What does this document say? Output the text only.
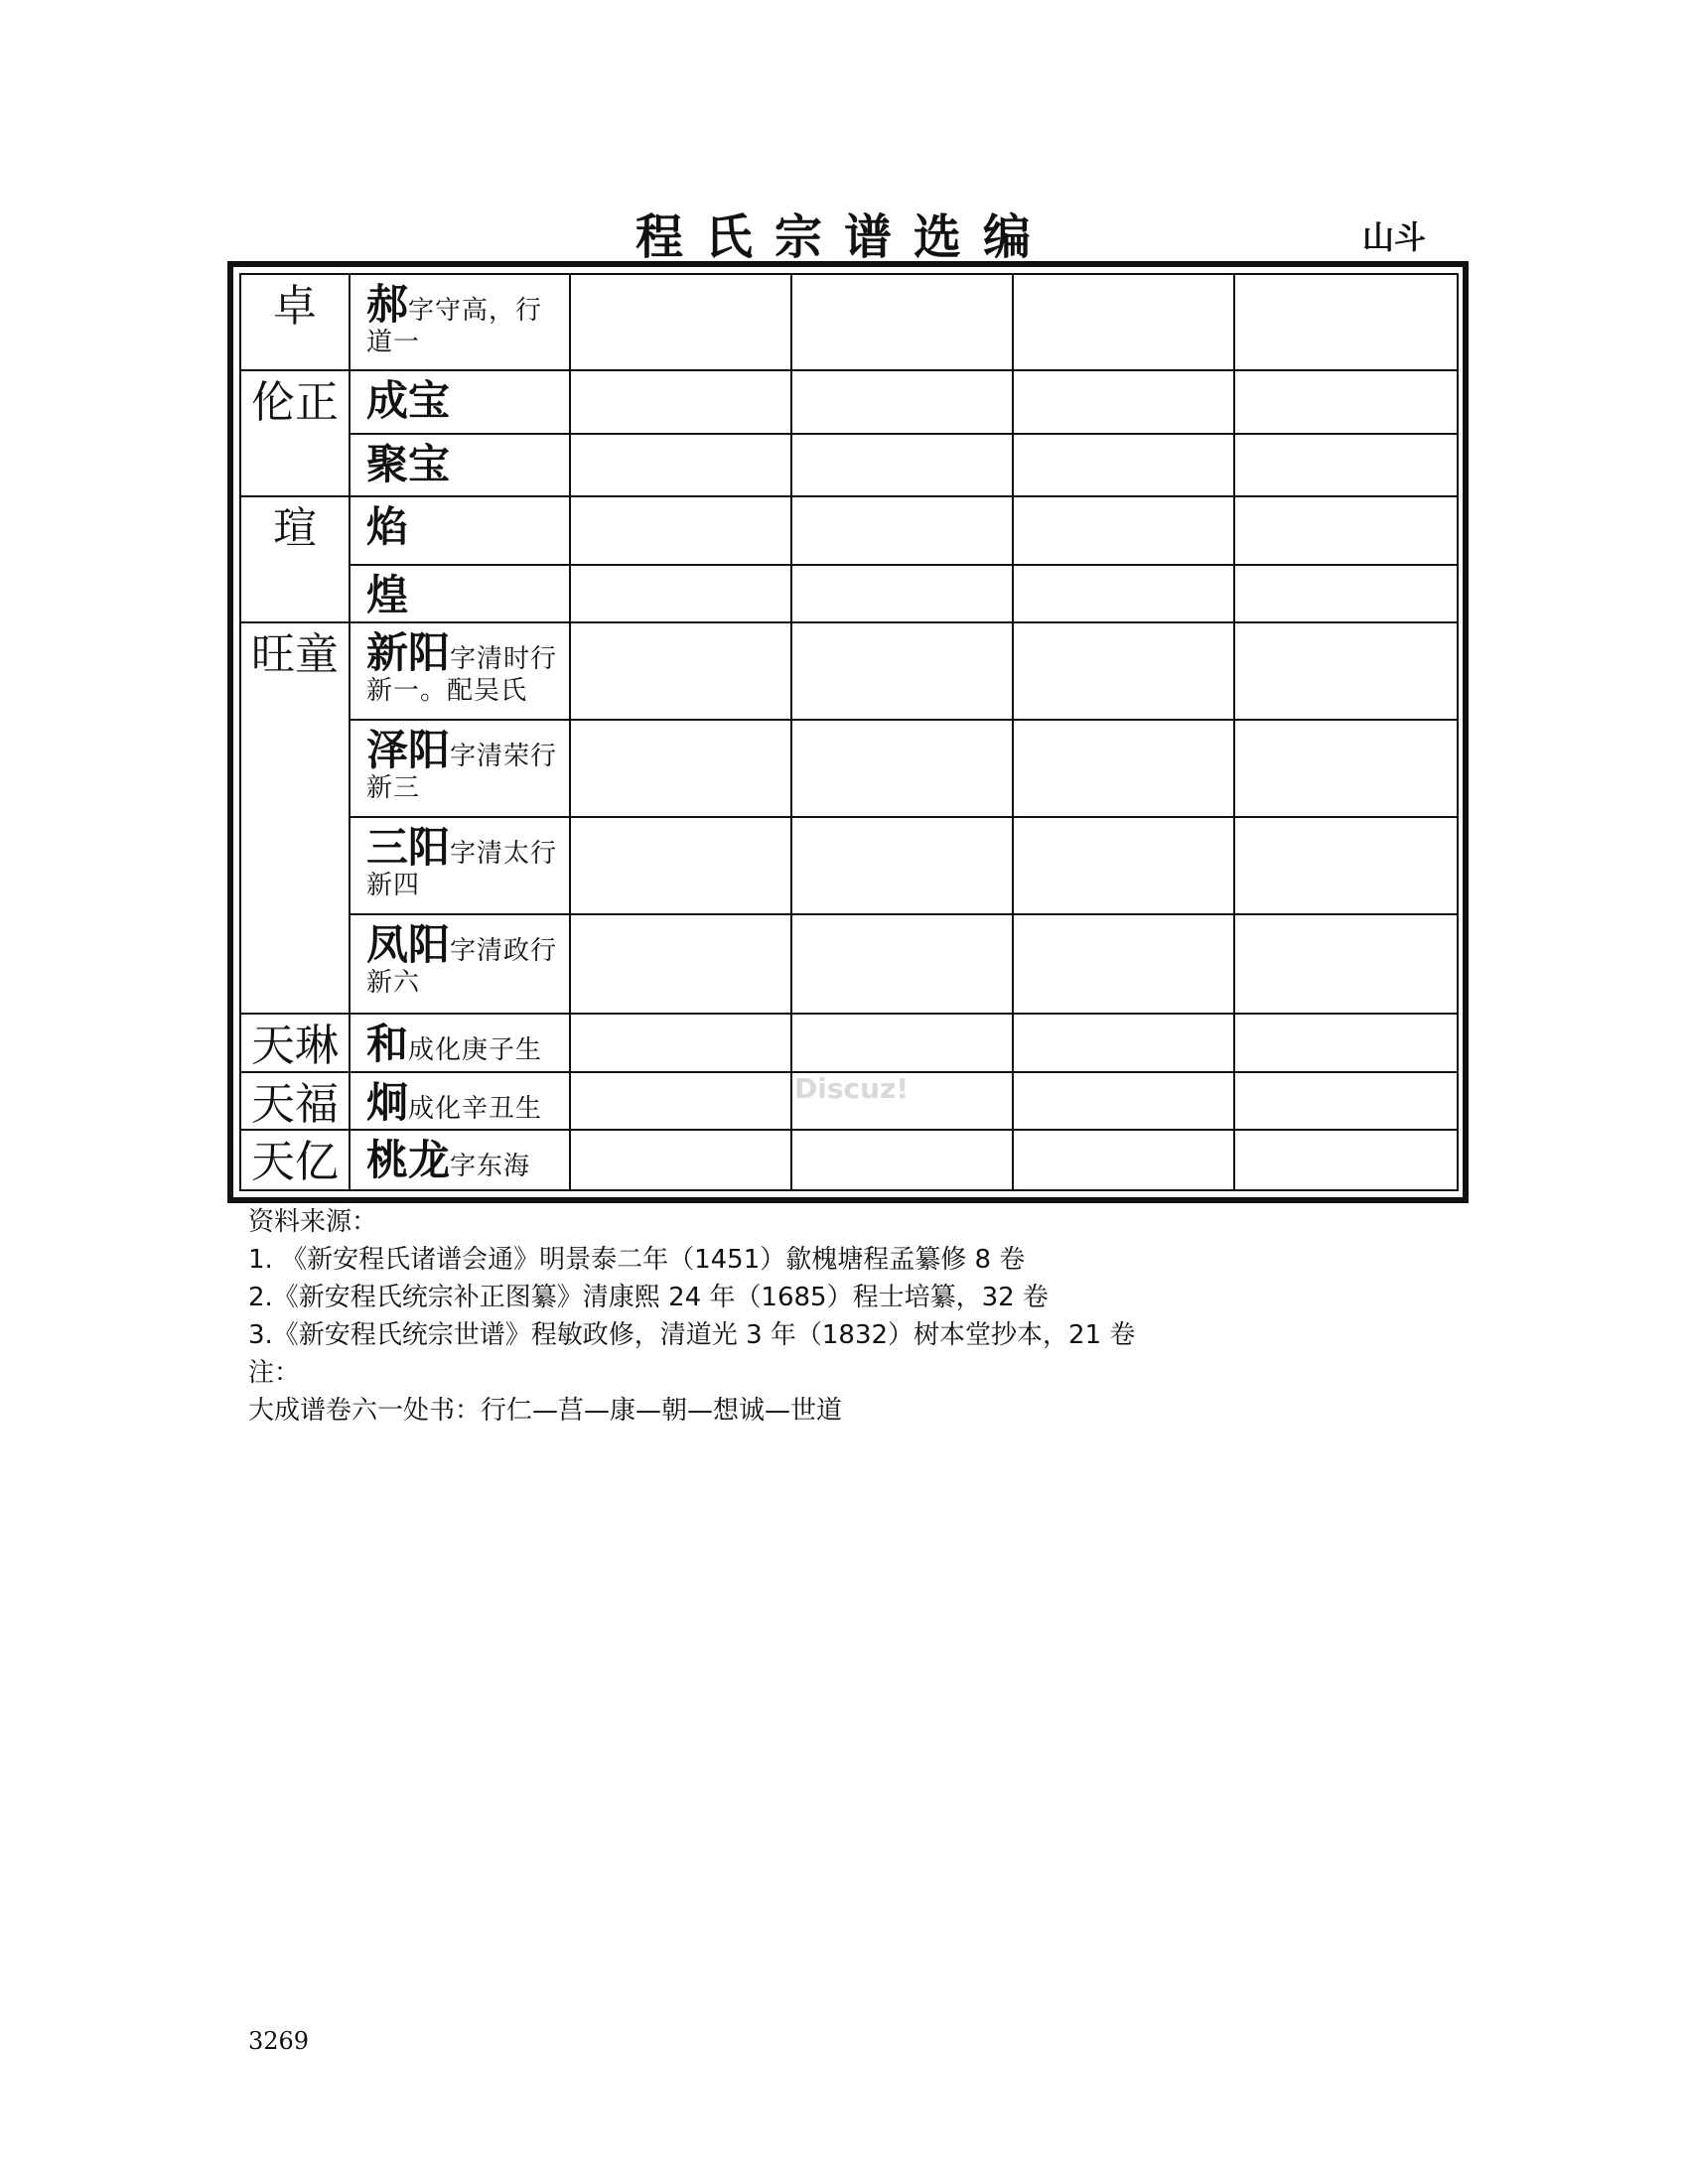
程氏宗谱选编	山斗
卓	郝字守高，行道一				
伦正	成宝				
	聚宝				
瑄	焰				
	煌				
旺童	新阳字清时行新一。配吴氏				
	泽阳字清荣行新三				
	三阳字清太行新四				
	凤阳字清政行新六				
天琳	和成化庚子生				
天福	炯成化辛丑生				
天亿	桃龙字东海				
Discuz!
资料来源：
1. 《新安程氏诸谱会通》明景泰二年（1451）歙槐塘程孟纂修 8 卷
2.《新安程氏统宗补正图纂》清康熙 24 年（1685）程士培纂，32 卷
3.《新安程氏统宗世谱》程敏政修，清道光 3 年（1832）树本堂抄本，21 卷
注：
大成谱卷六一处书：行仁—莒—康—朝—想诚—世道
3269
